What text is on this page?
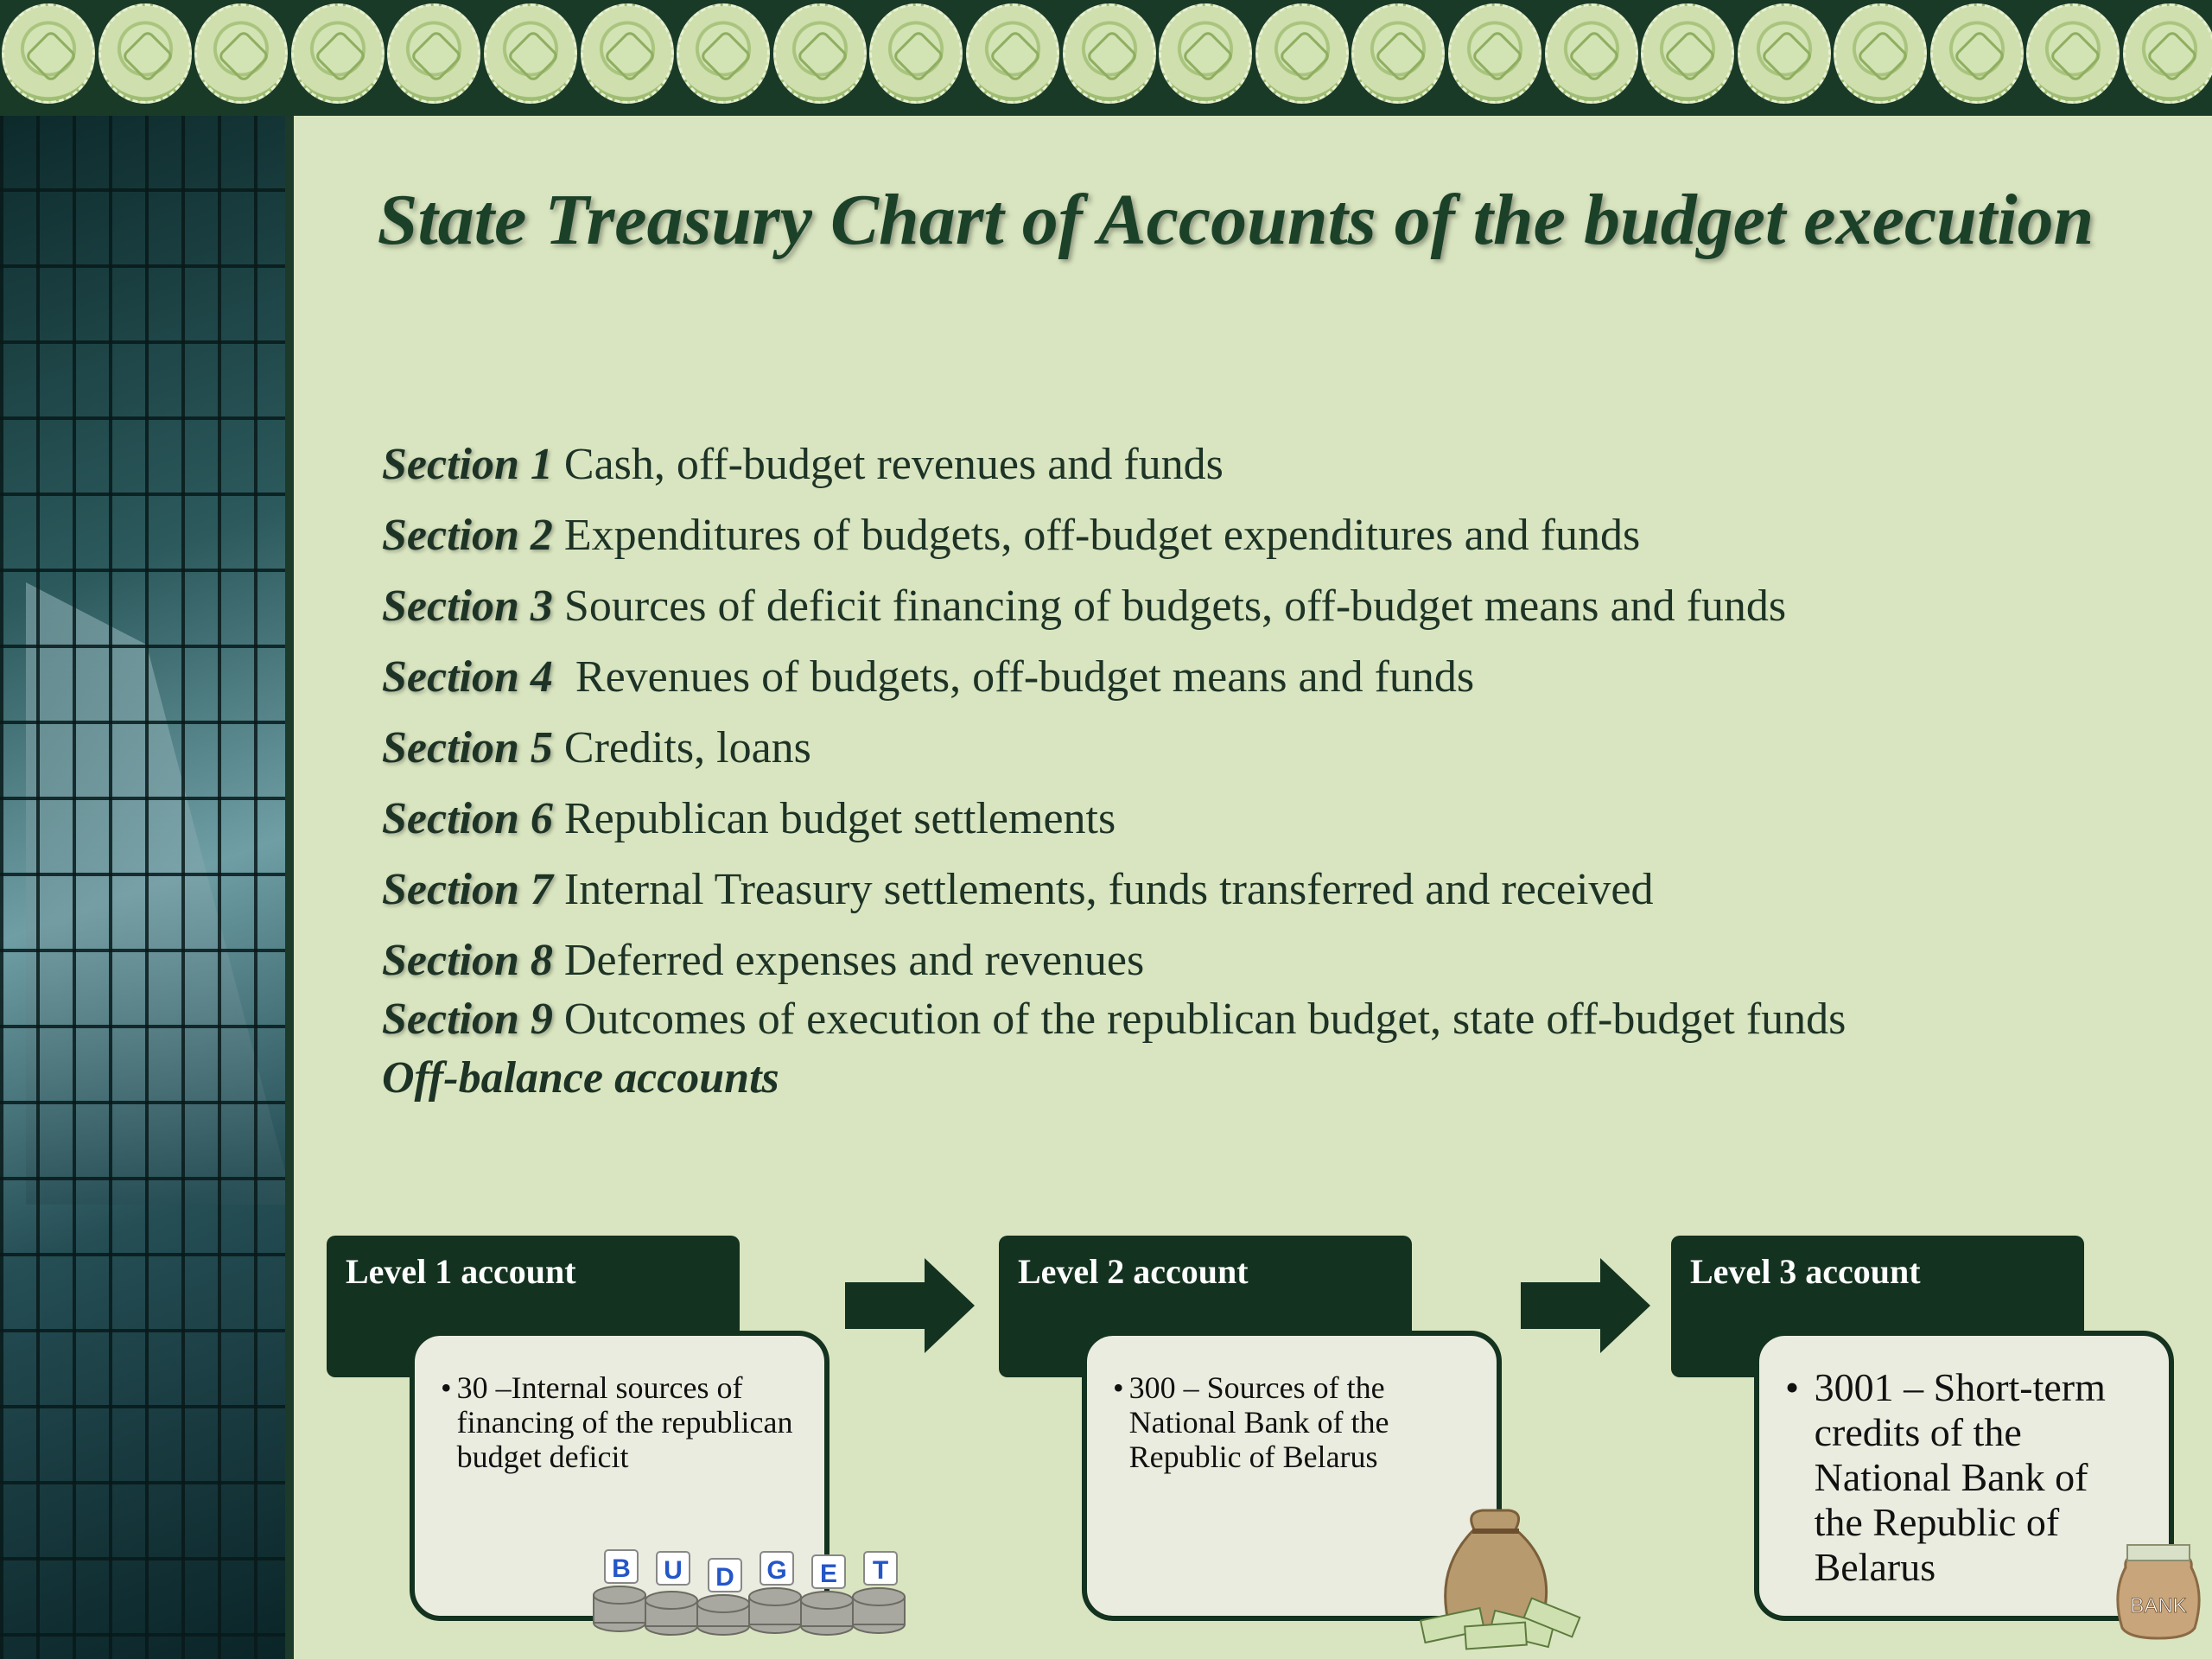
State Treasury Chart of Accounts of the budget execution
Section 1 Cash, off-budget revenues and funds
Section 2 Expenditures of budgets, off-budget expenditures and funds
Section 3 Sources of deficit financing of budgets, off-budget means and funds
Section 4  Revenues of budgets, off-budget means and funds
Section 5 Credits, loans
Section 6 Republican budget settlements
Section 7 Internal Treasury settlements, funds transferred and received
Section 8 Deferred expenses and revenues
Section 9 Outcomes of execution of the republican budget, state off-budget funds
Off-balance accounts
Level 1 account
• 30 –Internal sources of financing of the republican budget deficit
Level 2 account
• 300 – Sources of the National Bank of the Republic of Belarus
Level 3 account
• 3001 – Short-term credits of the National Bank of the Republic of Belarus
B U D G E T
BANK
